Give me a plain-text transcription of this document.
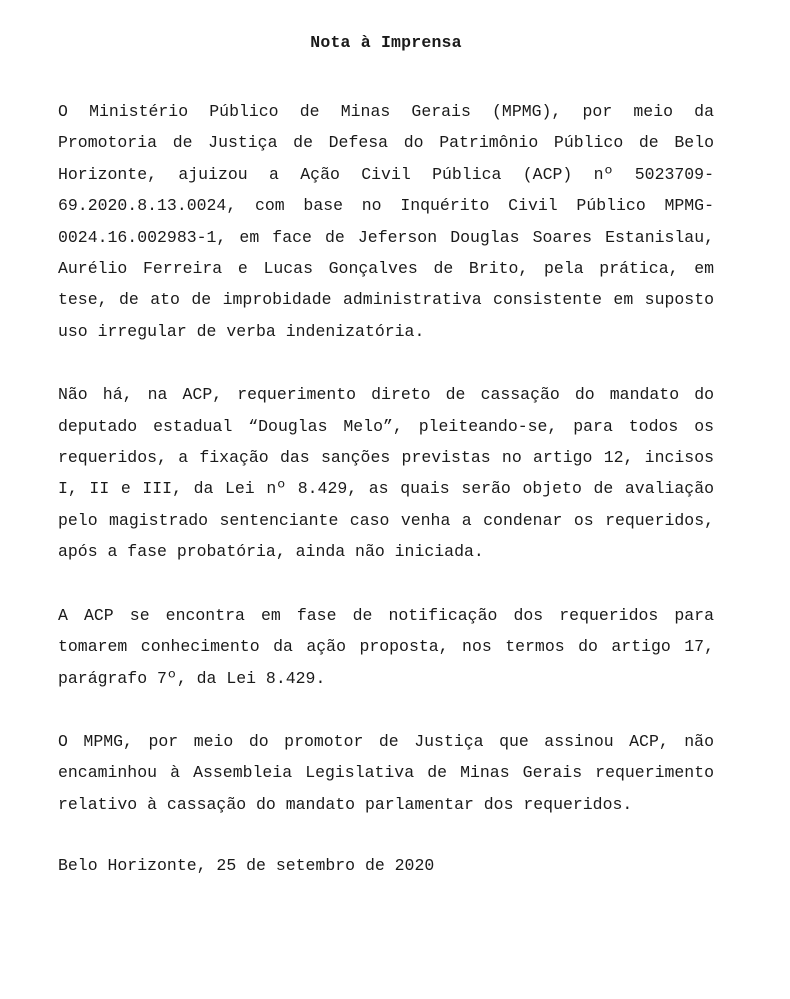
Nota à Imprensa

O Ministério Público de Minas Gerais (MPMG), por meio da Promotoria de Justiça de Defesa do Patrimônio Público de Belo Horizonte, ajuizou a Ação Civil Pública (ACP) nº 5023709-69.2020.8.13.0024, com base no Inquérito Civil Público MPMG-0024.16.002983-1, em face de Jeferson Douglas Soares Estanislau, Aurélio Ferreira e Lucas Gonçalves de Brito, pela prática, em tese, de ato de improbidade administrativa consistente em suposto uso irregular de verba indenizatória.

Não há, na ACP, requerimento direto de cassação do mandato do deputado estadual “Douglas Melo”, pleiteando-se, para todos os requeridos, a fixação das sanções previstas no artigo 12, incisos I, II e III, da Lei nº 8.429, as quais serão objeto de avaliação pelo magistrado sentenciante caso venha a condenar os requeridos, após a fase probatória, ainda não iniciada.

A ACP se encontra em fase de notificação dos requeridos para tomarem conhecimento da ação proposta, nos termos do artigo 17, parágrafo 7º, da Lei 8.429.

O MPMG, por meio do promotor de Justiça que assinou ACP, não encaminhou à Assembleia Legislativa de Minas Gerais requerimento relativo à cassação do mandato parlamentar dos requeridos.

Belo Horizonte, 25 de setembro de 2020
